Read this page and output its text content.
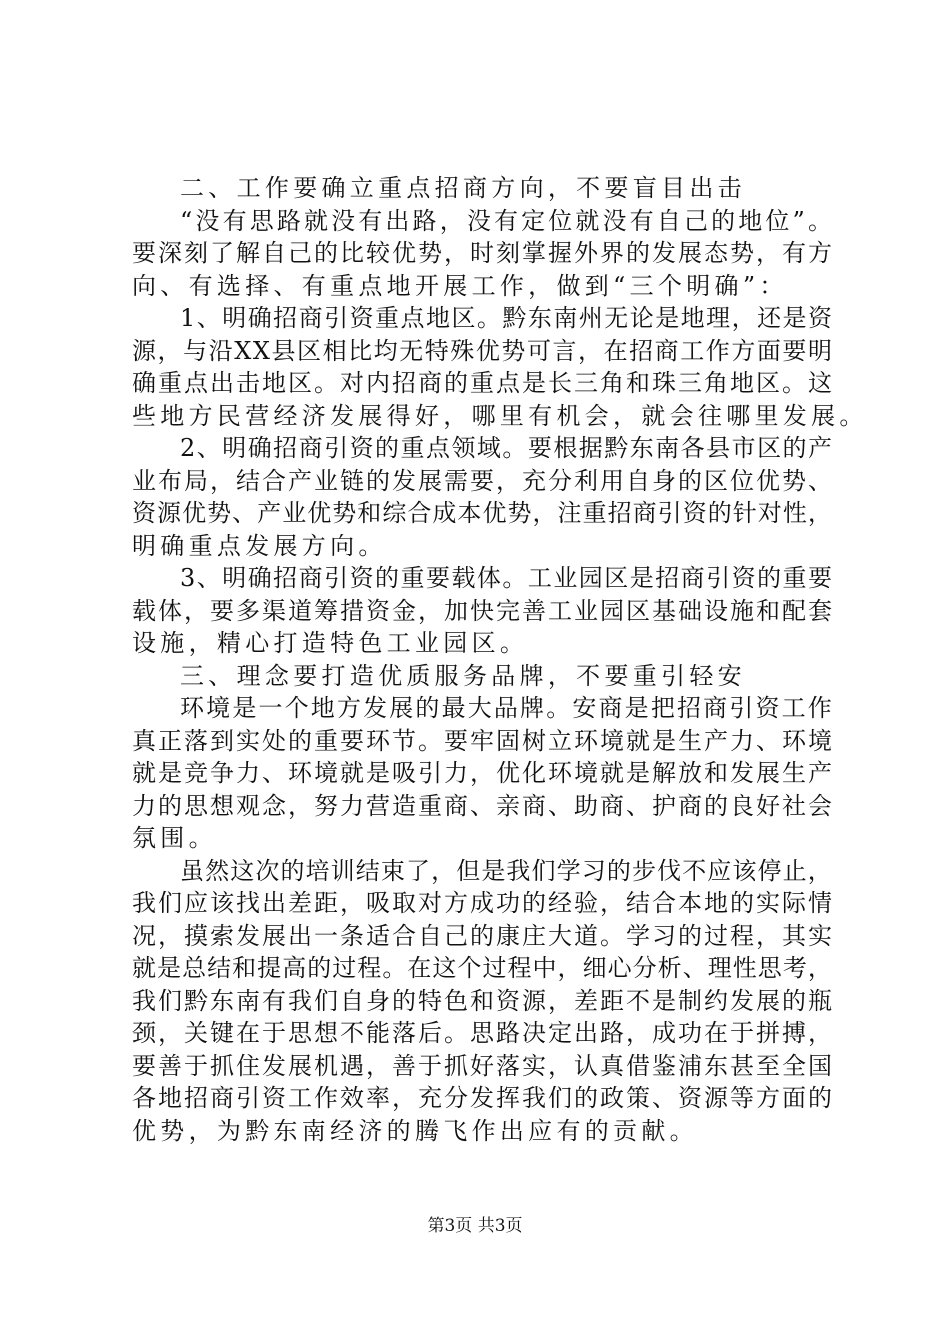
二 、 工 作 要 确 立 重 点 招 商 方 向 ， 不 要 盲 目 出 击
“ 没 有 思 路 就 没 有 出 路 ， 没 有 定 位 就 没 有 自 己 的 地 位 ” 。
要 深 刻 了 解 自 己 的 比 较 优 势 ， 时 刻 掌 握 外 界 的 发 展 态 势 ， 有 方
向 、 有 选 择 、 有 重 点 地 开 展 工 作 ， 做 到 “ 三 个 明 确 ” ：
1 、 明 确 招 商 引 资 重 点 地 区 。 黔 东 南 州 无 论 是 地 理 ， 还 是 资
源 ， 与 沿 X X 县 区 相 比 均 无 特 殊 优 势 可 言 ， 在 招 商 工 作 方 面 要 明
确 重 点 出 击 地 区 。 对 内 招 商 的 重 点 是 长 三 角 和 珠 三 角 地 区 。 这
些 地 方 民 营 经 济 发 展 得 好 ， 哪 里 有 机 会 ， 就 会 往 哪 里 发 展 。
2 、 明 确 招 商 引 资 的 重 点 领 域 。 要 根 据 黔 东 南 各 县 市 区 的 产
业 布 局 ， 结 合 产 业 链 的 发 展 需 要 ， 充 分 利 用 自 身 的 区 位 优 势 、
资 源 优 势 、 产 业 优 势 和 综 合 成 本 优 势 ， 注 重 招 商 引 资 的 针 对 性 ，
明 确 重 点 发 展 方 向 。
3 、 明 确 招 商 引 资 的 重 要 载 体 。 工 业 园 区 是 招 商 引 资 的 重 要
载 体 ， 要 多 渠 道 筹 措 资 金 ， 加 快 完 善 工 业 园 区 基 础 设 施 和 配 套
设 施 ， 精 心 打 造 特 色 工 业 园 区 。
三 、 理 念 要 打 造 优 质 服 务 品 牌 ， 不 要 重 引 轻 安
环 境 是 一 个 地 方 发 展 的 最 大 品 牌 。 安 商 是 把 招 商 引 资 工 作
真 正 落 到 实 处 的 重 要 环 节 。 要 牢 固 树 立 环 境 就 是 生 产 力 、 环 境
就 是 竞 争 力 、 环 境 就 是 吸 引 力 ， 优 化 环 境 就 是 解 放 和 发 展 生 产
力 的 思 想 观 念 ， 努 力 营 造 重 商 、 亲 商 、 助 商 、 护 商 的 良 好 社 会
氛 围 。
虽 然 这 次 的 培 训 结 束 了 ， 但 是 我 们 学 习 的 步 伐 不 应 该 停 止 ，
我 们 应 该 找 出 差 距 ， 吸 取 对 方 成 功 的 经 验 ， 结 合 本 地 的 实 际 情
况 ， 摸 索 发 展 出 一 条 适 合 自 己 的 康 庄 大 道 。 学 习 的 过 程 ， 其 实
就 是 总 结 和 提 高 的 过 程 。 在 这 个 过 程 中 ， 细 心 分 析 、 理 性 思 考 ，
我 们 黔 东 南 有 我 们 自 身 的 特 色 和 资 源 ， 差 距 不 是 制 约 发 展 的 瓶
颈 ， 关 键 在 于 思 想 不 能 落 后 。 思 路 决 定 出 路 ， 成 功 在 于 拼 搏 ，
要 善 于 抓 住 发 展 机 遇 ， 善 于 抓 好 落 实 ， 认 真 借 鉴 浦 东 甚 至 全 国
各 地 招 商 引 资 工 作 效 率 ， 充 分 发 挥 我 们 的 政 策 、 资 源 等 方 面 的
优 势 ， 为 黔 东 南 经 济 的 腾 飞 作 出 应 有 的 贡 献 。
第3页 共3页
